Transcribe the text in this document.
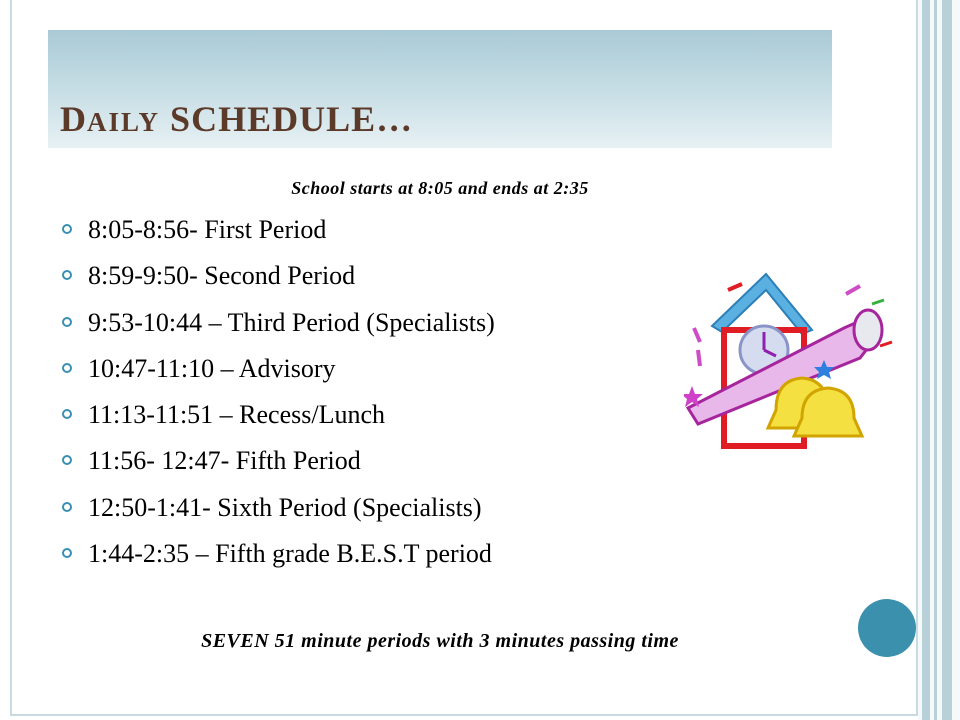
DAILY SCHEDULE…
School starts at 8:05 and ends at 2:35
8:05-8:56- First Period
8:59-9:50- Second Period
9:53-10:44 – Third Period (Specialists)
10:47-11:10 – Advisory
11:13-11:51 – Recess/Lunch
11:56- 12:47- Fifth Period
12:50-1:41- Sixth Period (Specialists)
1:44-2:35 – Fifth grade B.E.S.T period
SEVEN 51 minute periods with 3 minutes passing time
